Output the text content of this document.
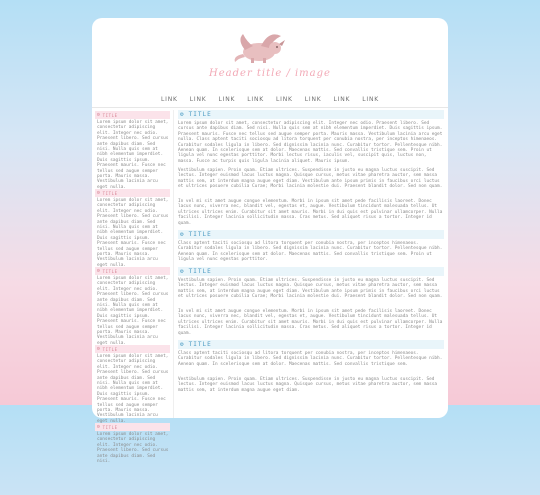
Header title / image
LINK LINK LINK LINK LINK LINK LINK LINK
⚙ TITLE
Lorem ipsum dolor sit amet, consectetur adipiscing elit. Integer nec odio. Praesent libero. Sed cursus ante dapibus diam. Sed nisi. Nulla quis sem at nibh elementum imperdiet. Duis sagittis ipsum. Praesent mauris. Fusce nec tellus sed augue semper porta. Mauris massa. Vestibulum lacinia arcu eget nulla.
⚙ TITLE
Lorem ipsum dolor sit amet, consectetur adipiscing elit. Integer nec odio. Praesent libero. Sed cursus ante dapibus diam. Sed nisi. Nulla quis sem at nibh elementum imperdiet. Duis sagittis ipsum. Praesent mauris. Fusce nec tellus sed augue semper porta. Mauris massa. Vestibulum lacinia arcu eget nulla.
⚙ TITLE
Lorem ipsum dolor sit amet, consectetur adipiscing elit. Integer nec odio. Praesent libero. Sed cursus ante dapibus diam. Sed nisi. Nulla quis sem at nibh elementum imperdiet. Duis sagittis ipsum. Praesent mauris. Fusce nec tellus sed augue semper porta. Mauris massa. Vestibulum lacinia arcu eget nulla.
⚙ TITLE
Lorem ipsum dolor sit amet, consectetur adipiscing elit. Integer nec odio. Praesent libero. Sed cursus ante dapibus diam. Sed nisi. Nulla quis sem at nibh elementum imperdiet. Duis sagittis ipsum. Praesent mauris. Fusce nec tellus sed augue semper porta. Mauris massa. Vestibulum lacinia arcu eget nulla.
⚙ TITLE
Lorem ipsum dolor sit amet, consectetur adipiscing elit. Integer nec odio. Praesent libero. Sed cursus ante dapibus diam. Sed nisi.
⚙ TITLE

Lorem ipsum dolor sit amet, consectetur adipiscing elit. Integer nec odio. Praesent libero. Sed cursus ante dapibus diam. Sed nisi. Nulla quis sem at nibh elementum imperdiet. Duis sagittis ipsum. Praesent mauris. Fusce nec tellus sed augue semper porta. Mauris massa. Vestibulum lacinia arcu eget nulla. Class aptent taciti sociosqu ad litora torquent per conubia nostra, per inceptos himenaeos. Curabitur sodales ligula in libero. Sed dignissim lacinia nunc. Curabitur tortor. Pellentesque nibh. Aenean quam. In scelerisque sem at dolor. Maecenas mattis. Sed convallis tristique sem. Proin ut ligula vel nunc egestas porttitor. Morbi lectus risus, iaculis vel, suscipit quis, luctus non, massa. Fusce ac turpis quis ligula lacinia aliquet. Mauris ipsum.

Vestibulum sapien. Proin quam. Etiam ultrices. Suspendisse in justo eu magna luctus suscipit. Sed lectus. Integer euismod lacus luctus magna. Quisque cursus, metus vitae pharetra auctor, sem massa mattis sem, at interdum magna augue eget diam. Vestibulum ante ipsum primis in faucibus orci luctus et ultrices posuere cubilia Curae; Morbi lacinia molestie dui. Praesent blandit dolor. Sed non quam.

In vel mi sit amet augue congue elementum. Morbi in ipsum sit amet pede facilisis laoreet. Donec lacus nunc, viverra nec, blandit vel, egestas et, augue. Vestibulum tincidunt malesuada tellus. Ut ultrices ultrices enim. Curabitur sit amet mauris. Morbi in dui quis est pulvinar ullamcorper. Nulla facilisi. Integer lacinia sollicitudin massa. Cras metus. Sed aliquet risus a tortor. Integer id quam.

⚙ TITLE

Class aptent taciti sociosqu ad litora torquent per conubia nostra, per inceptos himenaeos. Curabitur sodales ligula in libero. Sed dignissim lacinia nunc. Curabitur tortor. Pellentesque nibh. Aenean quam. In scelerisque sem at dolor. Maecenas mattis. Sed convallis tristique sem. Proin ut ligula vel nunc egestas porttitor.

⚙ TITLE

Vestibulum sapien. Proin quam. Etiam ultrices. Suspendisse in justo eu magna luctus suscipit. Sed lectus. Integer euismod lacus luctus magna. Quisque cursus, metus vitae pharetra auctor, sem massa mattis sem, at interdum magna augue eget diam. Vestibulum ante ipsum primis in faucibus orci luctus et ultrices posuere cubilia Curae; Morbi lacinia molestie dui. Praesent blandit dolor. Sed non quam.

In vel mi sit amet augue congue elementum. Morbi in ipsum sit amet pede facilisis laoreet. Donec lacus nunc, viverra nec, blandit vel, egestas et, augue. Vestibulum tincidunt malesuada tellus. Ut ultrices ultrices enim. Curabitur sit amet mauris. Morbi in dui quis est pulvinar ullamcorper. Nulla facilisi. Integer lacinia sollicitudin massa. Cras metus. Sed aliquet risus a tortor. Integer id quam.

⚙ TITLE

Class aptent taciti sociosqu ad litora torquent per conubia nostra, per inceptos himenaeos. Curabitur sodales ligula in libero. Sed dignissim lacinia nunc. Curabitur tortor. Pellentesque nibh. Aenean quam. In scelerisque sem at dolor. Maecenas mattis. Sed convallis tristique sem.

Vestibulum sapien. Proin quam. Etiam ultrices. Suspendisse in justo eu magna luctus suscipit. Sed lectus. Integer euismod lacus luctus magna. Quisque cursus, metus vitae pharetra auctor, sem massa mattis sem, at interdum magna augue eget diam.
